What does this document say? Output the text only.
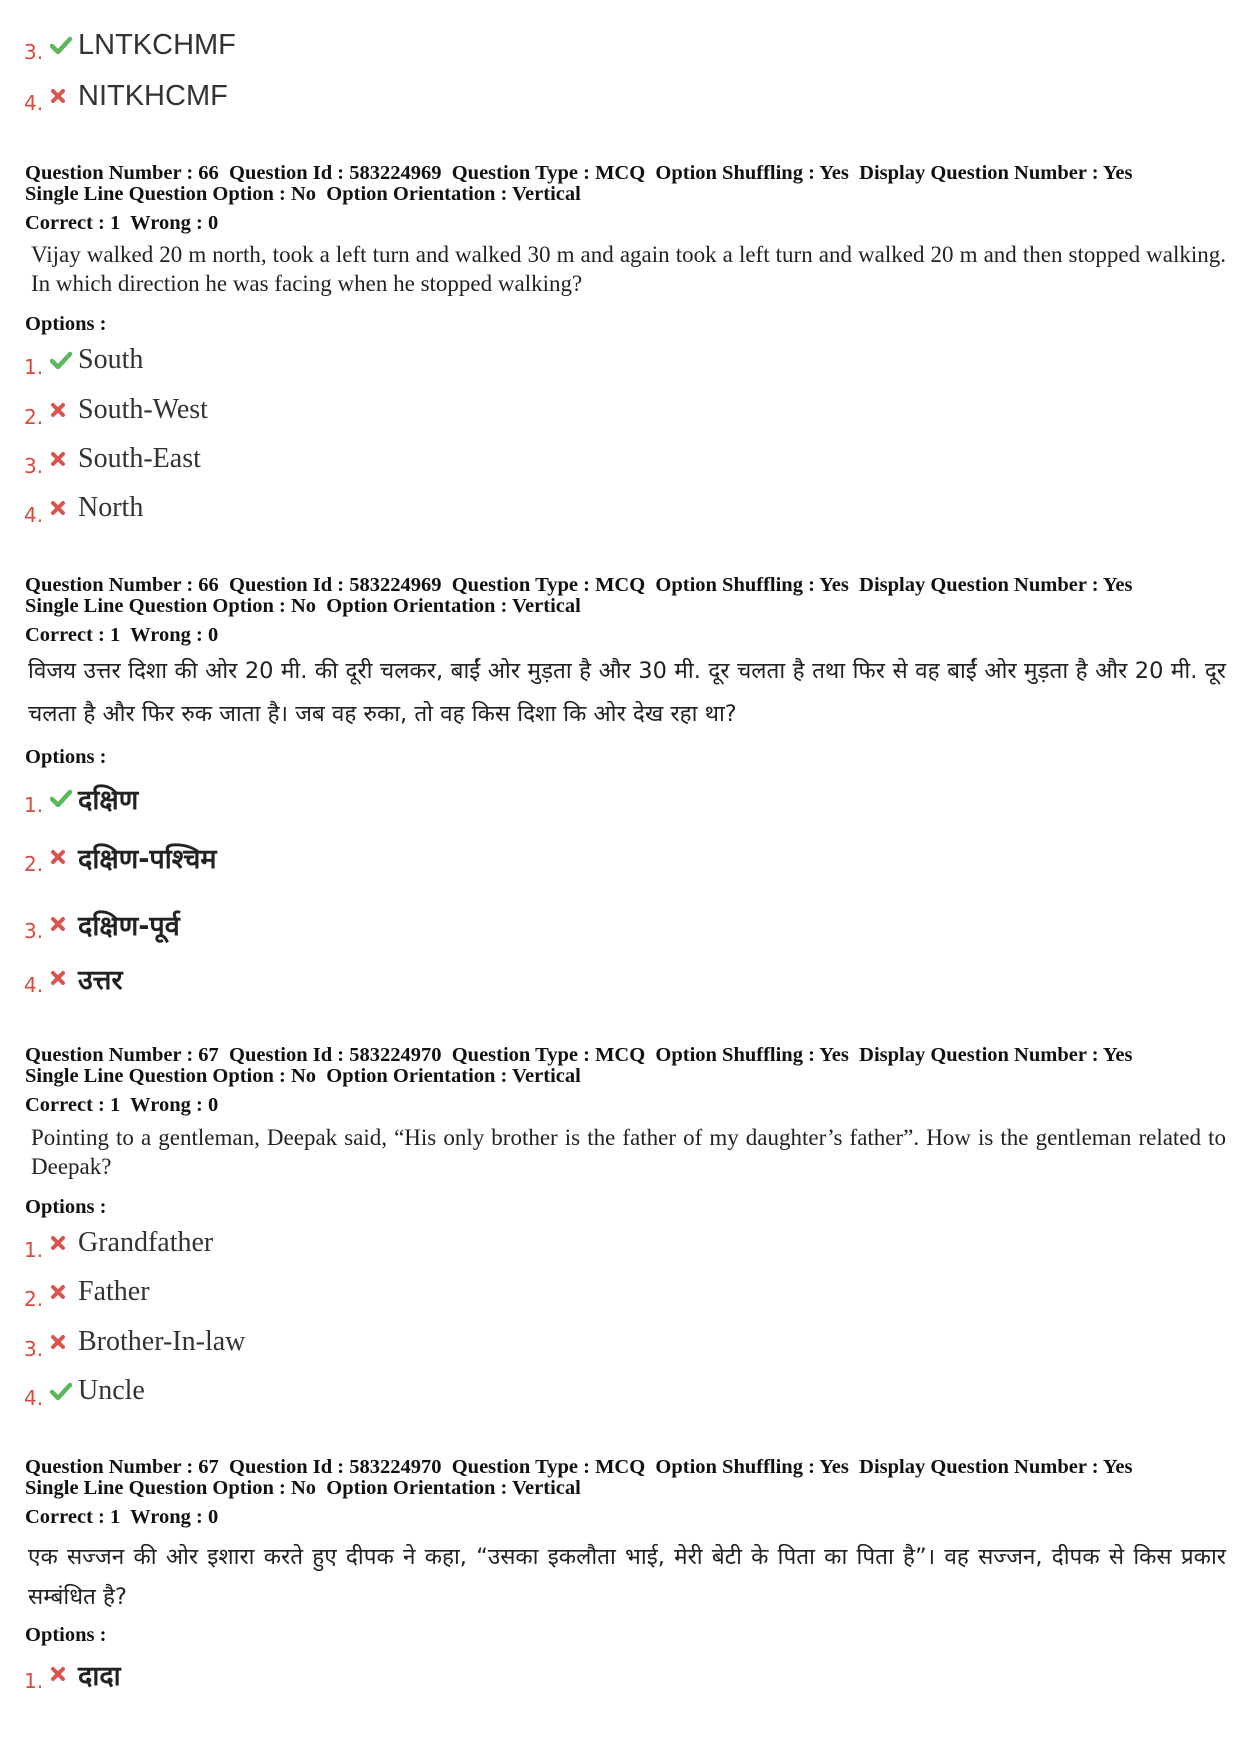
3. LNTKCHMF
4. NITKHCMF
Question Number : 66  Question Id : 583224969  Question Type : MCQ  Option Shuffling : Yes  Display Question Number : Yes
Single Line Question Option : No  Option Orientation : Vertical
Correct : 1  Wrong : 0
Vijay walked 20 m north, took a left turn and walked 30 m and again took a left turn and walked 20 m and then stopped walking. In which direction he was facing when he stopped walking?
Options :
1. South
2. South-West
3. South-East
4. North
Question Number : 66  Question Id : 583224969  Question Type : MCQ  Option Shuffling : Yes  Display Question Number : Yes
Single Line Question Option : No  Option Orientation : Vertical
Correct : 1  Wrong : 0
विजय उत्तर दिशा की ओर 20 मी. की दूरी चलकर, बाईं ओर मुड़ता है और 30 मी. दूर चलता है तथा फिर से वह बाईं ओर मुड़ता है और 20 मी. दूर चलता है और फिर रुक जाता है। जब वह रुका, तो वह किस दिशा कि ओर देख रहा था?
Options :
1. दक्षिण
2. दक्षिण-पश्चिम
3. दक्षिण-पूर्व
4. उत्तर
Question Number : 67  Question Id : 583224970  Question Type : MCQ  Option Shuffling : Yes  Display Question Number : Yes
Single Line Question Option : No  Option Orientation : Vertical
Correct : 1  Wrong : 0
Pointing to a gentleman, Deepak said, “His only brother is the father of my daughter’s father”. How is the gentleman related to Deepak?
Options :
1. Grandfather
2. Father
3. Brother-In-law
4. Uncle
Question Number : 67  Question Id : 583224970  Question Type : MCQ  Option Shuffling : Yes  Display Question Number : Yes
Single Line Question Option : No  Option Orientation : Vertical
Correct : 1  Wrong : 0
एक सज्जन की ओर इशारा करते हुए दीपक ने कहा, “उसका इकलौता भाई, मेरी बेटी के पिता का पिता है”। वह सज्जन, दीपक से किस प्रकार सम्बंधित है?
Options :
1. दादा
